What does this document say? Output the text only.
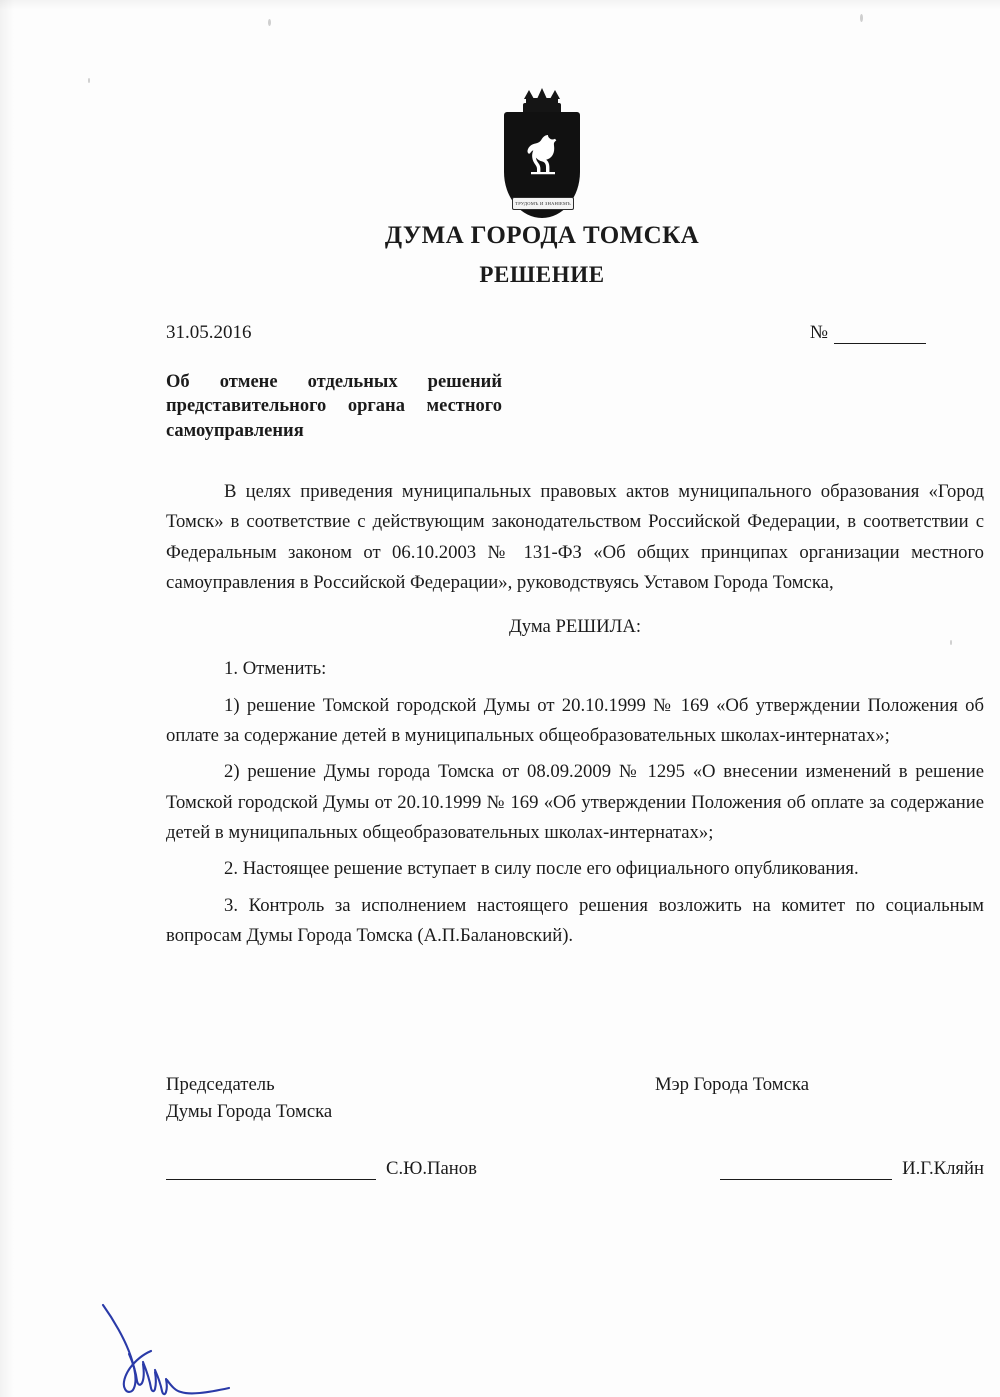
ТРУДОМЪ И ЗНАНІЕМЪ
ДУМА ГОРОДА ТОМСКА
РЕШЕНИЕ
31.05.2016	№
Об отмене отдельных решений представительного органа местного самоуправления

В целях приведения муниципальных правовых актов муниципального образования «Город Томск» в соответствие с действующим законодательством Российской Федерации, в соответствии с Федеральным законом от 06.10.2003 № 131-ФЗ «Об общих принципах организации местного самоуправления в Российской Федерации», руководствуясь Уставом Города Томска,

Дума РЕШИЛА:

1. Отменить:

1) решение Томской городской Думы от 20.10.1999 № 169 «Об утверждении Положения об оплате за содержание детей в муниципальных общеобразовательных школах-интернатах»;

2) решение Думы города Томска от 08.09.2009 № 1295 «О внесении изменений в решение Томской городской Думы от 20.10.1999 № 169 «Об утверждении Положения об оплате за содержание детей в муниципальных общеобразовательных школах-интернатах»;

2. Настоящее решение вступает в силу после его официального опубликования.

3. Контроль за исполнением настоящего решения возложить на комитет по социальным вопросам Думы Города Томска (А.П.Балановский).

Председатель
Думы Города Томска
Мэр Города Томска
С.Ю.Панов	И.Г.Кляйн
